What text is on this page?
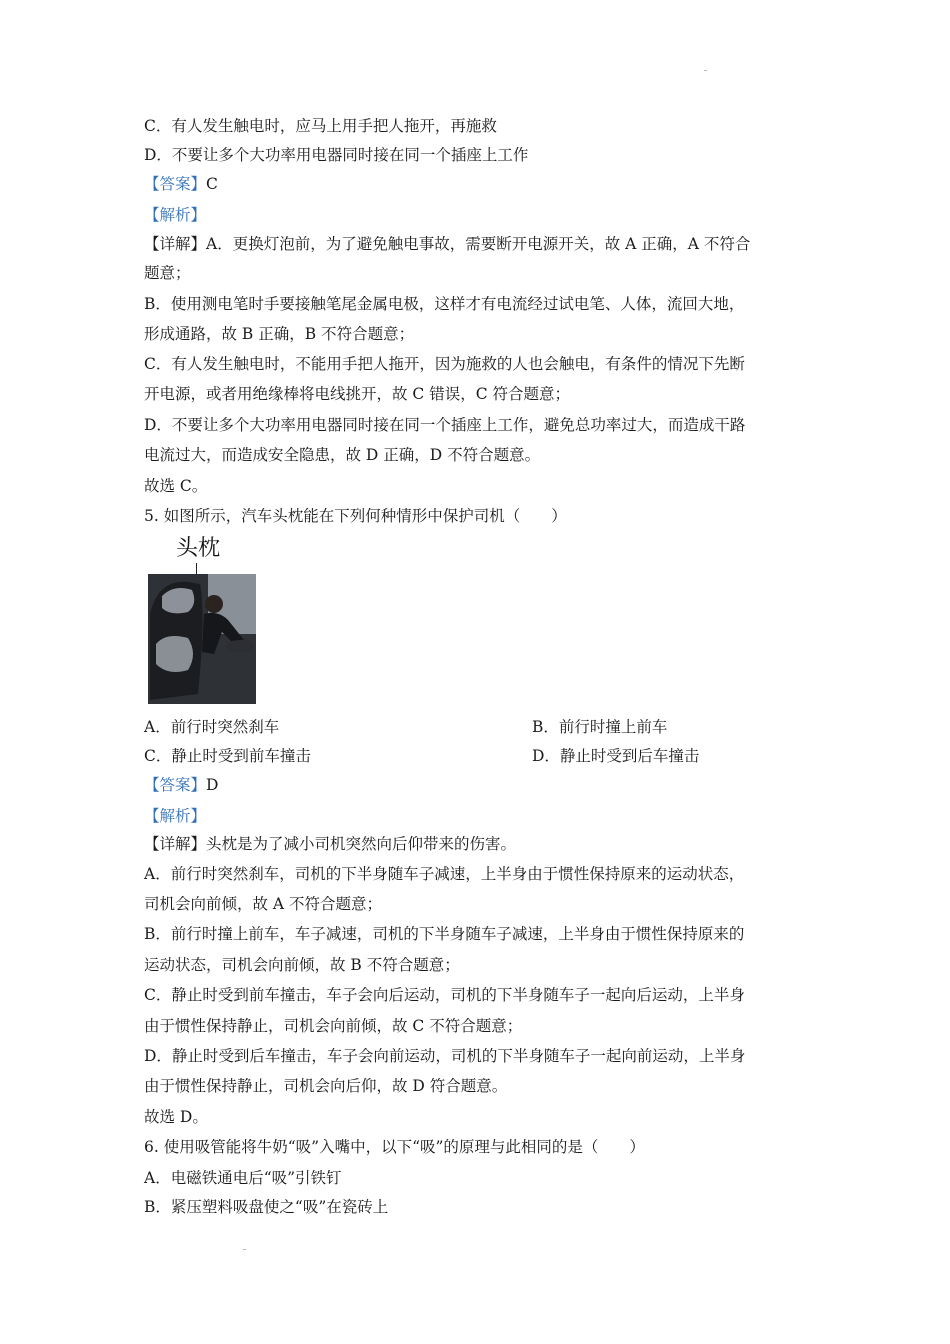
C．有人发生触电时，应马上用手把人拖开，再施救
D．不要让多个大功率用电器同时接在同一个插座上工作
【答案】C
【解析】
【详解】A．更换灯泡前，为了避免触电事故，需要断开电源开关，故 A 正确，A 不符合
题意；
B．使用测电笔时手要接触笔尾金属电极，这样才有电流经过试电笔、人体，流回大地，
形成通路，故 B 正确，B 不符合题意；
C．有人发生触电时，不能用手把人拖开，因为施救的人也会触电，有条件的情况下先断
开电源，或者用绝缘棒将电线挑开，故 C 错误，C 符合题意；
D．不要让多个大功率用电器同时接在同一个插座上工作，避免总功率过大，而造成干路
电流过大，而造成安全隐患，故 D 正确，D 不符合题意。
故选 C。
5. 如图所示，汽车头枕能在下列何种情形中保护司机（　　）
【答案】D
【解析】
【详解】头枕是为了减小司机突然向后仰带来的伤害。
A．前行时突然刹车，司机的下半身随车子减速，上半身由于惯性保持原来的运动状态，
司机会向前倾，故 A 不符合题意；
B．前行时撞上前车，车子减速，司机的下半身随车子减速，上半身由于惯性保持原来的
运动状态，司机会向前倾，故 B 不符合题意；
C．静止时受到前车撞击，车子会向后运动，司机的下半身随车子一起向后运动，上半身
由于惯性保持静止，司机会向前倾，故 C 不符合题意；
D．静止时受到后车撞击，车子会向前运动，司机的下半身随车子一起向前运动，上半身
由于惯性保持静止，司机会向后仰，故 D 符合题意。
故选 D。
6. 使用吸管能将牛奶“吸”入嘴中，以下“吸”的原理与此相同的是（　　）
A．电磁铁通电后“吸”引铁钉
B．紧压塑料吸盘使之“吸”在瓷砖上
A．前行时突然刹车	B．前行时撞上前车
C．静止时受到前车撞击	D．静止时受到后车撞击
头枕
